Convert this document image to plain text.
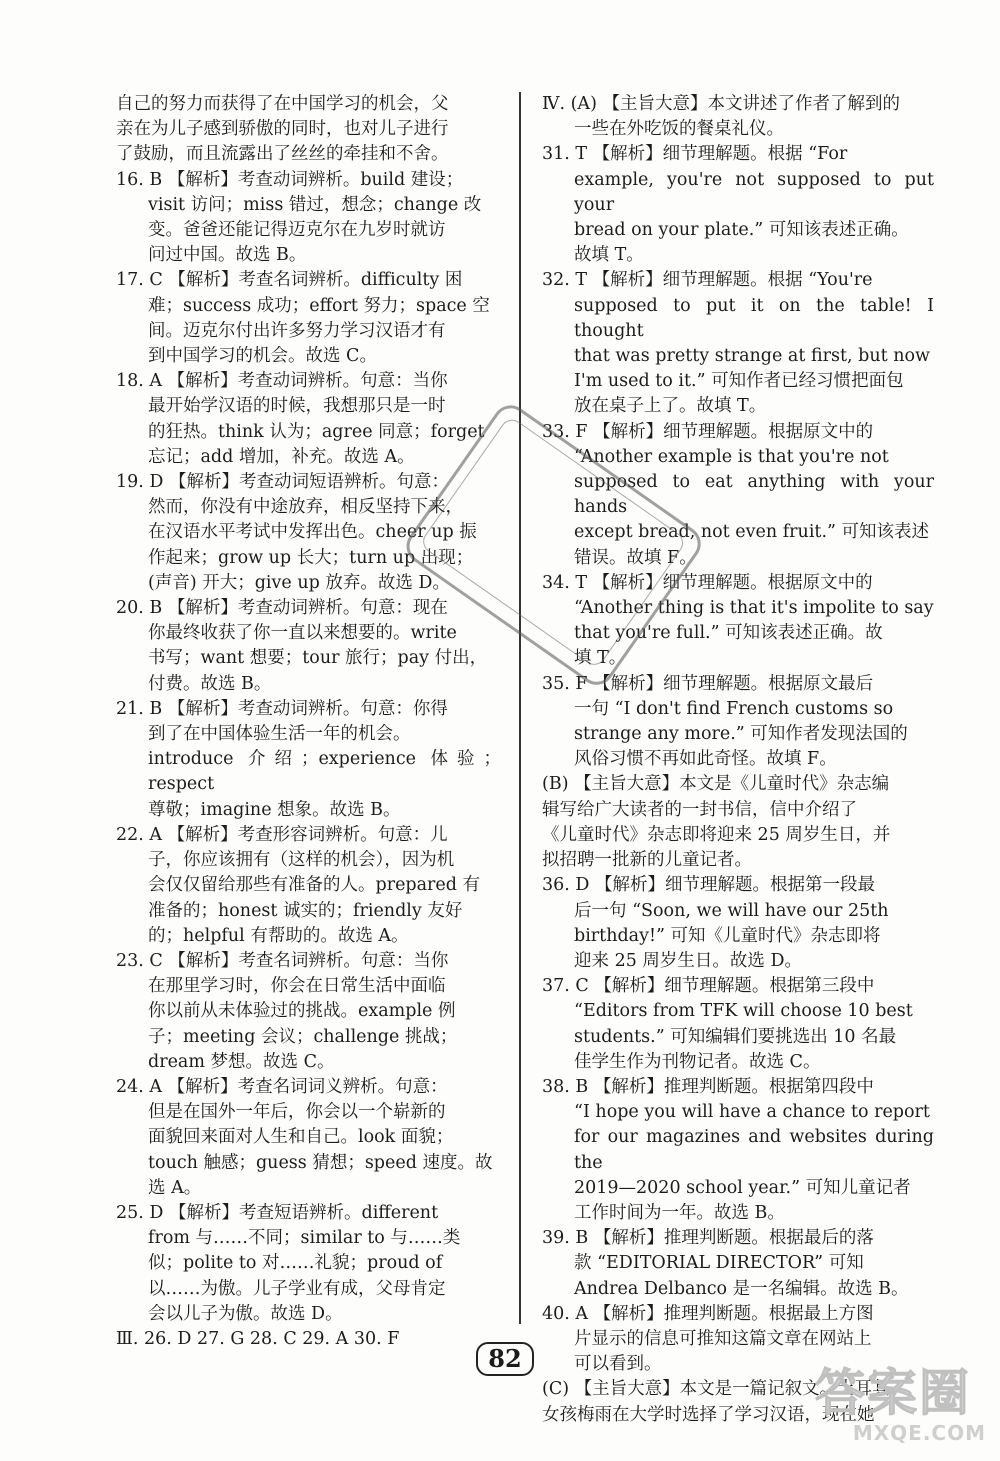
自己的努力而获得了在中国学习的机会，父
亲在为儿子感到骄傲的同时，也对儿子进行
了鼓励，而且流露出了丝丝的牵挂和不舍。
16. B 【解析】考查动词辨析。build 建设；
visit 访问；miss 错过，想念；change 改
变。爸爸还能记得迈克尔在九岁时就访
问过中国。故选 B。
17. C 【解析】考查名词辨析。difficulty 困
难；success 成功；effort 努力；space 空
间。迈克尔付出许多努力学习汉语才有
到中国学习的机会。故选 C。
18. A 【解析】考查动词辨析。句意：当你
最开始学汉语的时候，我想那只是一时
的狂热。think 认为；agree 同意；forget
忘记；add 增加，补充。故选 A。
19. D 【解析】考查动词短语辨析。句意：
然而，你没有中途放弃，相反坚持下来，
在汉语水平考试中发挥出色。cheer up 振
作起来；grow up 长大；turn up 出现；
(声音) 开大；give up 放弃。故选 D。
20. B 【解析】考查动词辨析。句意：现在
你最终收获了你一直以来想要的。write
书写；want 想要；tour 旅行；pay 付出，
付费。故选 B。
21. B 【解析】考查动词辨析。句意：你得
到了在中国体验生活一年的机会。
introduce 介绍；experience 体验；respect
尊敬；imagine 想象。故选 B。
22. A 【解析】考查形容词辨析。句意：儿
子，你应该拥有（这样的机会），因为机
会仅仅留给那些有准备的人。prepared 有
准备的；honest 诚实的；friendly 友好
的；helpful 有帮助的。故选 A。
23. C 【解析】考查名词辨析。句意：当你
在那里学习时，你会在日常生活中面临
你以前从未体验过的挑战。example 例
子；meeting 会议；challenge 挑战；
dream 梦想。故选 C。
24. A 【解析】考查名词词义辨析。句意：
但是在国外一年后，你会以一个崭新的
面貌回来面对人生和自己。look 面貌；
touch 触感；guess 猜想；speed 速度。故
选 A。
25. D 【解析】考查短语辨析。different
from 与……不同；similar to 与……类
似；polite to 对……礼貌；proud of
以……为傲。儿子学业有成，父母肯定
会以儿子为傲。故选 D。
Ⅲ. 26. D 27. G 28. C 29. A 30. F
Ⅳ. (A) 【主旨大意】本文讲述了作者了解到的
一些在外吃饭的餐桌礼仪。
31. T 【解析】细节理解题。根据 “For
example, you're not supposed to put your
bread on your plate.” 可知该表述正确。
故填 T。
32. T 【解析】细节理解题。根据 “You're
supposed to put it on the table! I thought
that was pretty strange at first, but now
I'm used to it.” 可知作者已经习惯把面包
放在桌子上了。故填 T。
33. F 【解析】细节理解题。根据原文中的
“Another example is that you're not
supposed to eat anything with your hands
except bread, not even fruit.” 可知该表述
错误。故填 F。
34. T 【解析】细节理解题。根据原文中的
“Another thing is that it's impolite to say
that you're full.” 可知该表述正确。故
填 T。
35. F 【解析】细节理解题。根据原文最后
一句 “I don't find French customs so
strange any more.” 可知作者发现法国的
风俗习惯不再如此奇怪。故填 F。
(B) 【主旨大意】本文是《儿童时代》杂志编
辑写给广大读者的一封书信，信中介绍了
《儿童时代》杂志即将迎来 25 周岁生日，并
拟招聘一批新的儿童记者。
36. D 【解析】细节理解题。根据第一段最
后一句 “Soon, we will have our 25th
birthday!” 可知《儿童时代》杂志即将
迎来 25 周岁生日。故选 D。
37. C 【解析】细节理解题。根据第三段中
“Editors from TFK will choose 10 best
students.” 可知编辑们要挑选出 10 名最
佳学生作为刊物记者。故选 C。
38. B 【解析】推理判断题。根据第四段中
“I hope you will have a chance to report
for our magazines and websites during the
2019—2020 school year.” 可知儿童记者
工作时间为一年。故选 B。
39. B 【解析】推理判断题。根据最后的落
款 “EDITORIAL DIRECTOR” 可知
Andrea Delbanco 是一名编辑。故选 B。
40. A 【解析】推理判断题。根据最上方图
片显示的信息可推知这篇文章在网站上
可以看到。
(C) 【主旨大意】本文是一篇记叙文。土耳其
女孩梅雨在大学时选择了学习汉语，现在她
82
答案圈
MXQE.COM
